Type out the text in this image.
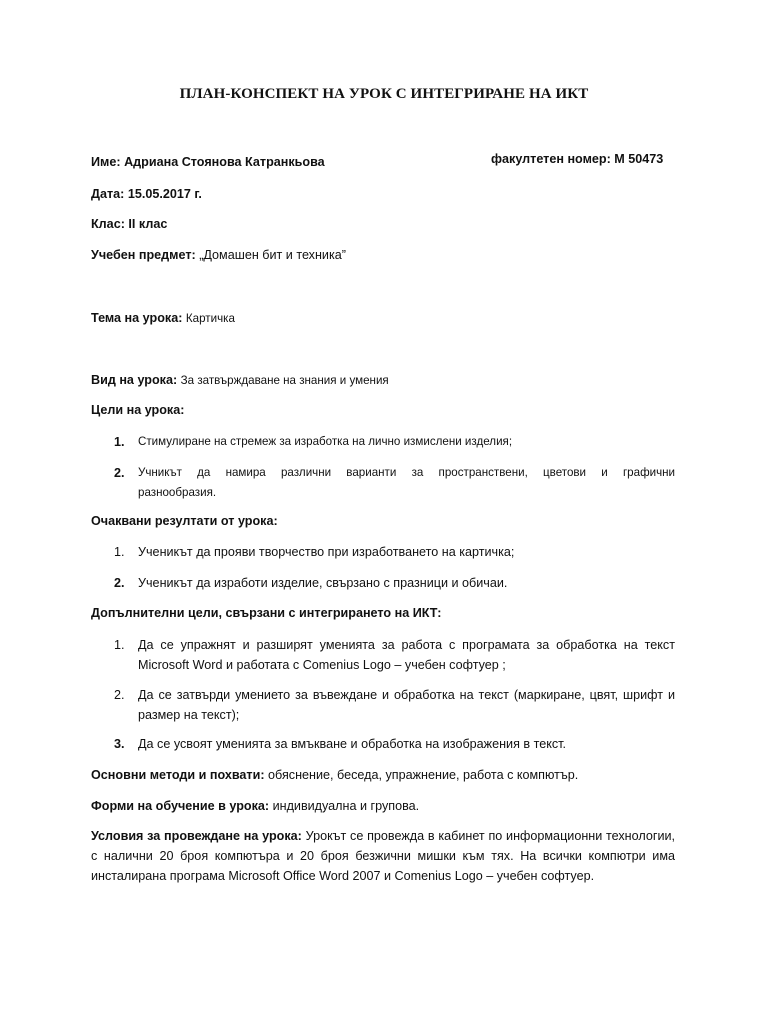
ПЛАН-КОНСПЕКТ НА УРОК С ИНТЕГРИРАНЕ НА ИКТ
Име: Адриана Стоянова Катранкьова	факултетен номер: М 50473
Дата: 15.05.2017 г.
Клас: II клас
Учебен предмет: „Домашен бит и техника”
Тема на урока: Картичка
Вид на урока: За затвърждаване на знания и умения
Цели на урока:
1. Стимулиране на стремеж за изработка на лично измислени изделия;
2. Учникът да намира различни варианти за пространствени, цветови и графични
разнообразия.
Очаквани резултати от урока:
1. Ученикът да прояви творчество при изработването на картичка;
2. Ученикът да изработи изделие, свързано с празници и обичаи.
Допълнителни цели, свързани с интегрирането на ИКТ:
1. Да се упражнят и разширят уменията за работа с програмата за обработка на текст
Microsoft Word и работата с Comenius Logo – учебен софтуер ;
2. Да се затвърди умението за въвеждане и обработка на текст (маркиране, цвят, шрифт и
размер на текст);
3. Да се усвоят уменията за вмъкване и обработка на изображения в текст.
Основни методи и похвати: обяснение, беседа, упражнение, работа с компютър.
Форми на обучение в урока: индивидуална и групова.
Условия за провеждане на урока: Урокът се провежда в кабинет по информационни технологии, с налични 20 броя компютъра и 20 броя безжични мишки към тях. На всички компютри има инсталирана програма Microsoft Office Word 2007 и Comenius Logo – учебен софтуер.
